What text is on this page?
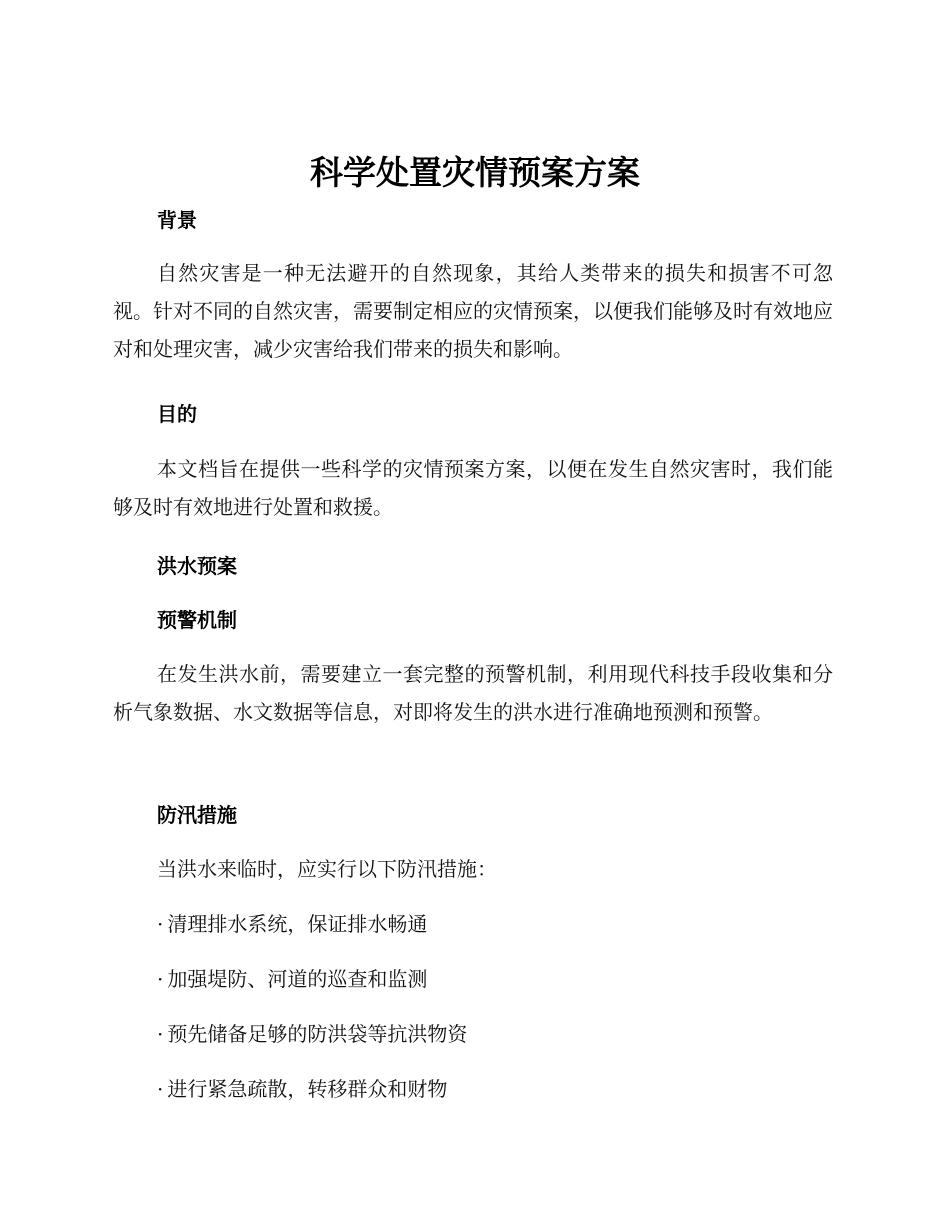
科学处置灾情预案方案
背景

自然灾害是一种无法避开的自然现象，其给人类带来的损失和损害不可忽视。针对不同的自然灾害，需要制定相应的灾情预案，以便我们能够及时有效地应对和处理灾害，减少灾害给我们带来的损失和影响。

目的

本文档旨在提供一些科学的灾情预案方案，以便在发生自然灾害时，我们能够及时有效地进行处置和救援。

洪水预案
预警机制

在发生洪水前，需要建立一套完整的预警机制，利用现代科技手段收集和分析气象数据、水文数据等信息，对即将发生的洪水进行准确地预测和预警。

防汛措施

当洪水来临时，应实行以下防汛措施：

· 清理排水系统，保证排水畅通

· 加强堤防、河道的巡查和监测

· 预先储备足够的防洪袋等抗洪物资

· 进行紧急疏散，转移群众和财物
